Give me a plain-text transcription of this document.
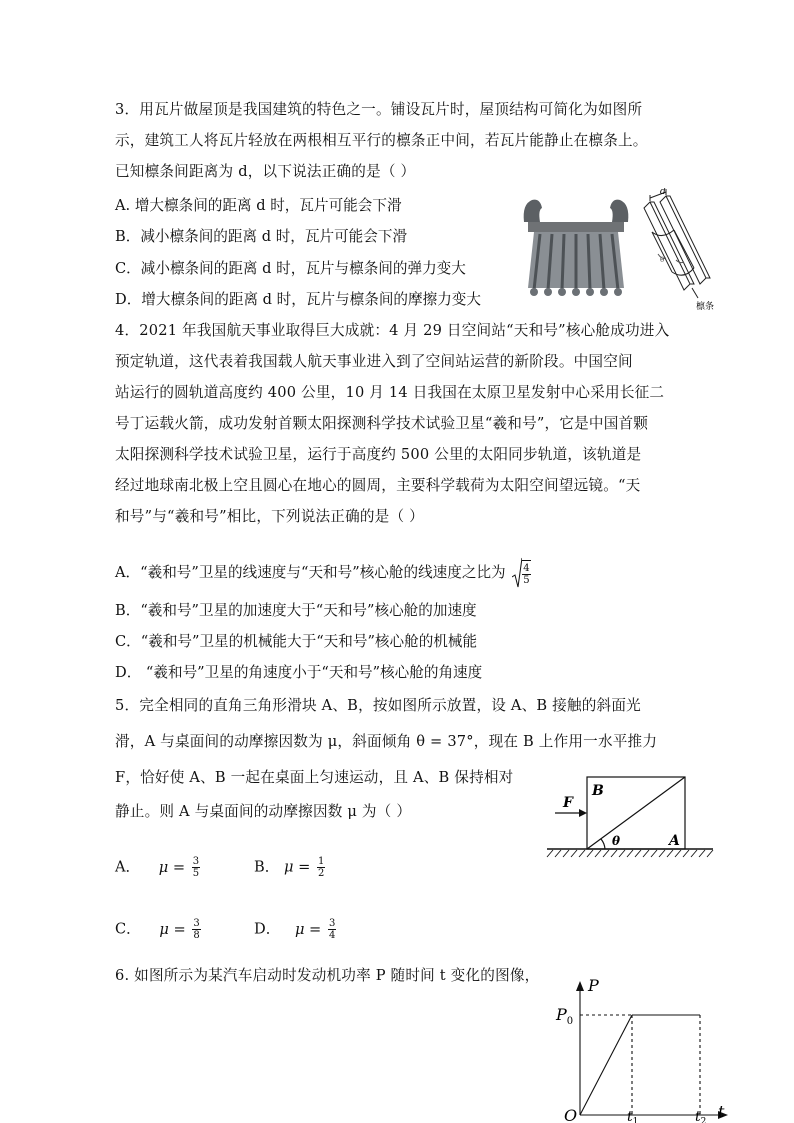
3．用瓦片做屋顶是我国建筑的特色之一。铺设瓦片时，屋顶结构可简化为如图所
示，建筑工人将瓦片轻放在两根相互平行的檩条正中间，若瓦片能静止在檩条上。
已知檩条间距离为 d，以下说法正确的是（ ）
A. 增大檩条间的距离 d 时，瓦片可能会下滑
B．减小檩条间的距离 d 时，瓦片可能会下滑
C．减小檩条间的距离 d 时，瓦片与檩条间的弹力变大
D．增大檩条间的距离 d 时，瓦片与檩条间的摩擦力变大
d
θ
檩条
4．2021 年我国航天事业取得巨大成就：4 月 29 日空间站“天和号”核心舱成功进入
预定轨道，这代表着我国载人航天事业进入到了空间站运营的新阶段。中国空间
站运行的圆轨道高度约 400 公里，10 月 14 日我国在太原卫星发射中心采用长征二
号丁运载火箭，成功发射首颗太阳探测科学技术试验卫星“羲和号”，它是中国首颗
太阳探测科学技术试验卫星，运行于高度约 500 公里的太阳同步轨道，该轨道是
经过地球南北极上空且圆心在地心的圆周，主要科学载荷为太阳空间望远镜。“天
和号”与“羲和号”相比，下列说法正确的是（ ）
A．“羲和号”卫星的线速度与“天和号”核心舱的线速度之比为 $\frac{4}{5}$
B．“羲和号”卫星的加速度大于“天和号”核心舱的加速度
C．“羲和号”卫星的机械能大于“天和号”核心舱的机械能
D． “羲和号”卫星的角速度小于“天和号”核心舱的角速度
5．完全相同的直角三角形滑块 A、B，按如图所示放置，设 A、B 接触的斜面光
滑，A 与桌面间的动摩擦因数为 μ，斜面倾角 θ = 37°，现在 B 上作用一水平推力
F，恰好使 A、B 一起在桌面上匀速运动，且 A、B 保持相对
静止。则 A 与桌面间的动摩擦因数 μ 为（ ）
A． $\mu = \frac{3}{5}$	B． $\mu = \frac{1}{2}$
C． $\mu = \frac{3}{8}$	D． $\mu = \frac{3}{4}$
F
B
A
θ
6. 如图所示为某汽车启动时发动机功率 P 随时间 t 变化的图像，
P
$P_0$
O	$t_1$	$t_2$
t
